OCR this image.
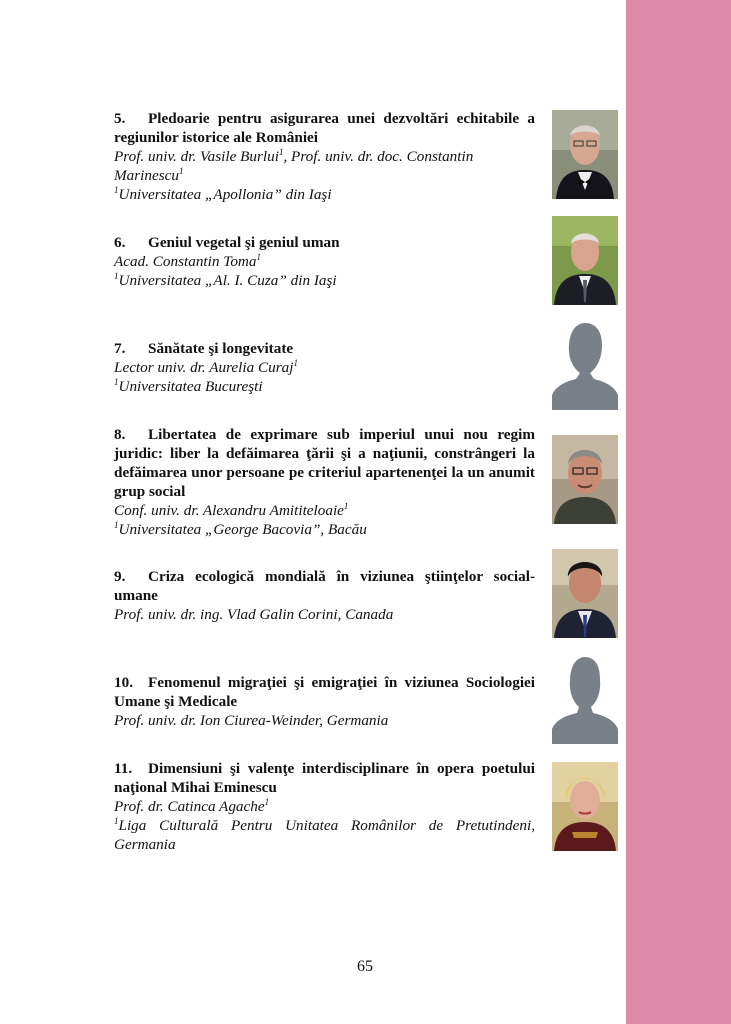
5. Pledoarie pentru asigurarea unei dezvoltări echitabile a regiunilor istorice ale României

Prof. univ. dr. Vasile Burlui$^1$, Prof. univ. dr. doc. Constantin

Marinescu$^1$

$^1$Universitatea „Apollonia” din Iaşi

6. Geniul vegetal şi geniul uman

Acad. Constantin Toma$^1$

$^1$Universitatea „Al. I. Cuza” din Iaşi

7. Sănătate şi longevitate

Lector univ. dr. Aurelia Curaj$^1$

$^1$Universitatea Bucureşti

8. Libertatea de exprimare sub imperiul unui nou regim juridic: liber la defăimarea ţării şi a naţiunii, constrângeri la defăimarea unor persoane pe criteriul apartenenţei la un anumit grup social

Conf. univ. dr. Alexandru Amititeloaie$^1$

$^1$Universitatea „George Bacovia”, Bacău

9. Criza ecologică mondială în viziunea ştiinţelor social-umane

Prof. univ. dr. ing. Vlad Galin Corini, Canada

10. Fenomenul migraţiei şi emigraţiei în viziunea Sociologiei Umane şi Medicale

Prof. univ. dr. Ion Ciurea-Weinder, Germania

11. Dimensiuni şi valenţe interdisciplinare în opera poetului naţional Mihai Eminescu

Prof. dr. Catinca Agache$^1$

$^1$Liga Culturală Pentru Unitatea Românilor de Pretutindeni, Germania

65
